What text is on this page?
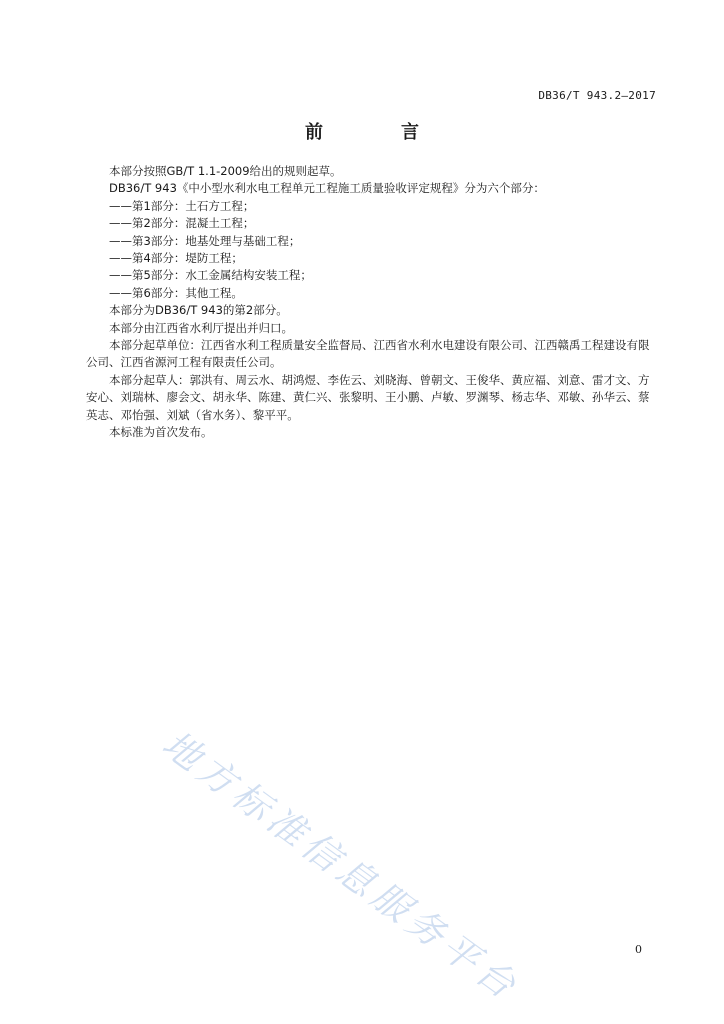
DB36/T 943.2—2017
前　言

本部分按照GB/T 1.1-2009给出的规则起草。

DB36/T 943《中小型水利水电工程单元工程施工质量验收评定规程》分为六个部分：

——第1部分：土石方工程；

——第2部分：混凝土工程；

——第3部分：地基处理与基础工程；

——第4部分：堤防工程；

——第5部分：水工金属结构安装工程；

——第6部分：其他工程。

本部分为DB36/T 943的第2部分。

本部分由江西省水利厅提出并归口。

本部分起草单位：江西省水利工程质量安全监督局、江西省水利水电建设有限公司、江西赣禹工程建设有限公司、江西省源河工程有限责任公司。

本部分起草人：郭洪有、周云水、胡鸿煜、李佐云、刘晓海、曾朝文、王俊华、黄应福、刘意、雷才文、方安心、刘瑞林、廖会文、胡永华、陈建、黄仁兴、张黎明、王小鹏、卢敏、罗渊琴、杨志华、邓敏、孙华云、蔡英志、邓怡强、刘斌（省水务）、黎平平。

本标准为首次发布。

地方标准信息服务平台	0
